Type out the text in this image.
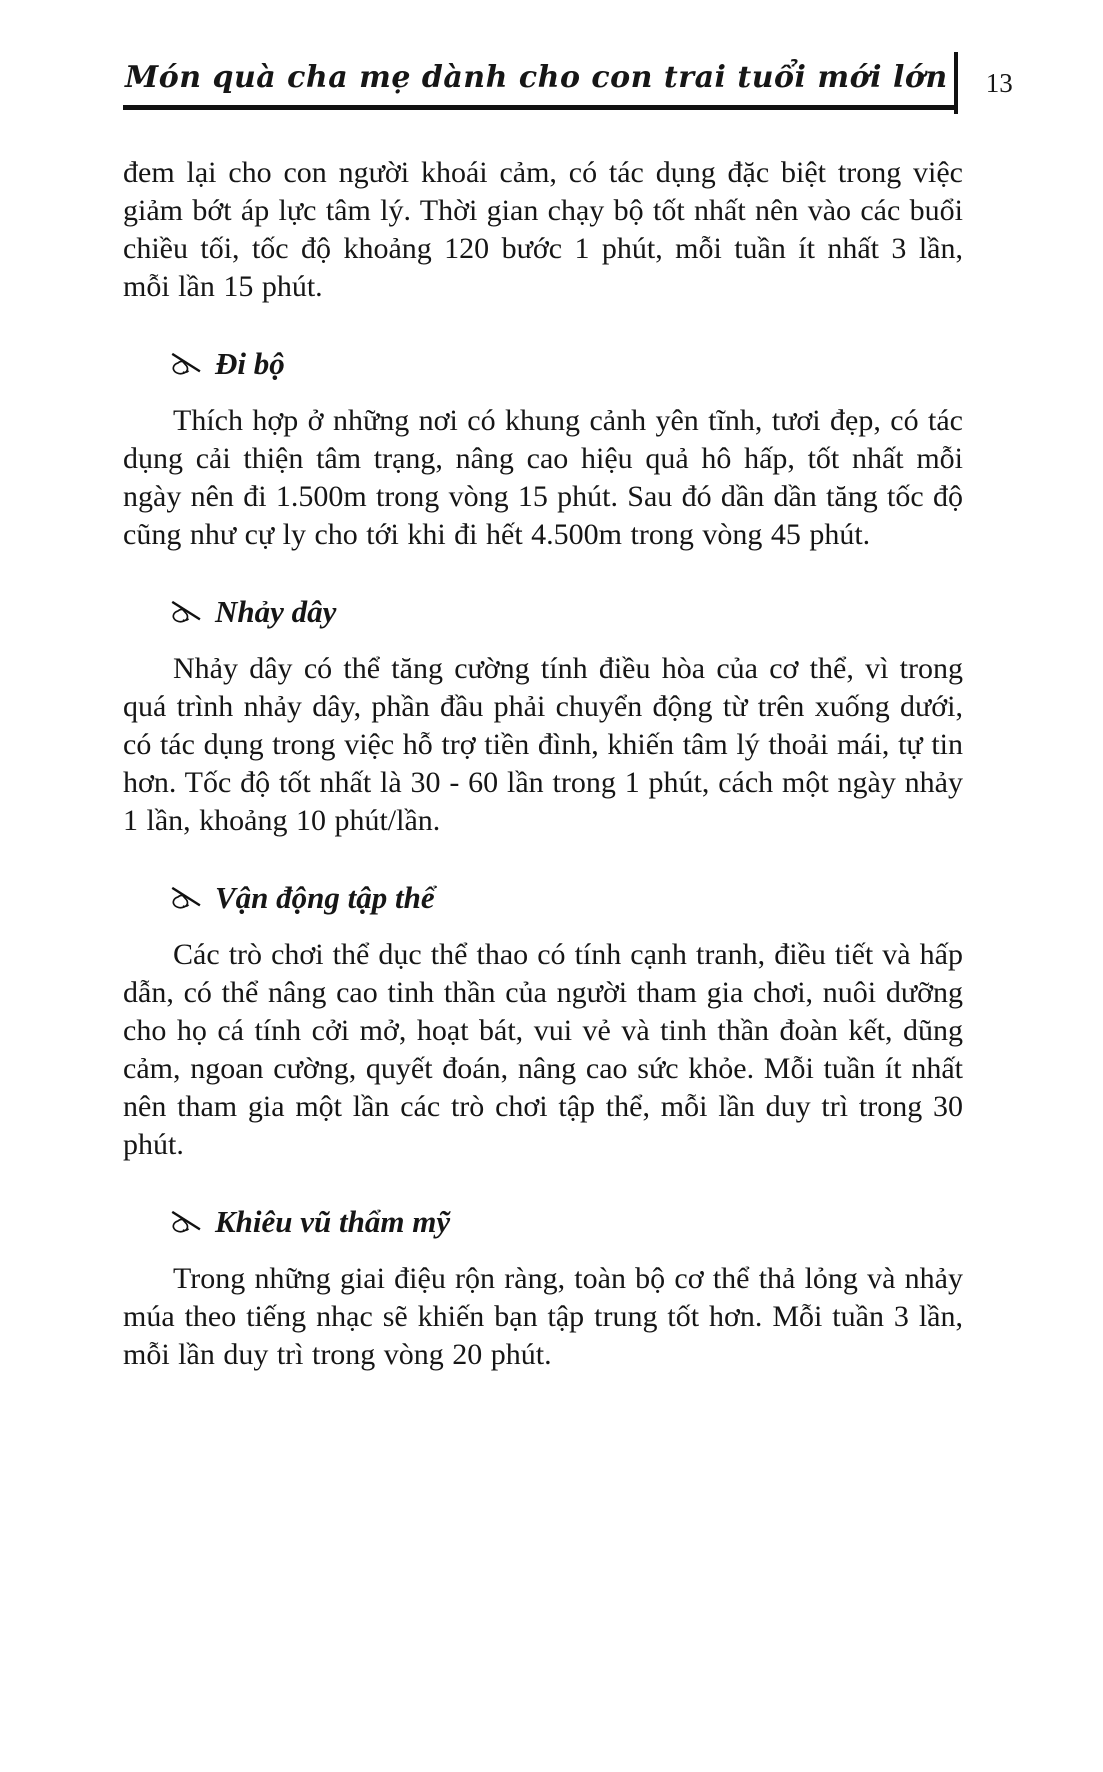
Món quà cha mẹ dành cho con trai tuổi mới lớn 13

đem lại cho con người khoái cảm, có tác dụng đặc biệt trong việc giảm bớt áp lực tâm lý. Thời gian chạy bộ tốt nhất nên vào các buổi chiều tối, tốc độ khoảng 120 bước 1 phút, mỗi tuần ít nhất 3 lần, mỗi lần 15 phút.

Đi bộ

Thích hợp ở những nơi có khung cảnh yên tĩnh, tươi đẹp, có tác dụng cải thiện tâm trạng, nâng cao hiệu quả hô hấp, tốt nhất mỗi ngày nên đi 1.500m trong vòng 15 phút. Sau đó dần dần tăng tốc độ cũng như cự ly cho tới khi đi hết 4.500m trong vòng 45 phút.

Nhảy dây

Nhảy dây có thể tăng cường tính điều hòa của cơ thể, vì trong quá trình nhảy dây, phần đầu phải chuyển động từ trên xuống dưới, có tác dụng trong việc hỗ trợ tiền đình, khiến tâm lý thoải mái, tự tin hơn. Tốc độ tốt nhất là 30 - 60 lần trong 1 phút, cách một ngày nhảy 1 lần, khoảng 10 phút/lần.

Vận động tập thể

Các trò chơi thể dục thể thao có tính cạnh tranh, điều tiết và hấp dẫn, có thể nâng cao tinh thần của người tham gia chơi, nuôi dưỡng cho họ cá tính cởi mở, hoạt bát, vui vẻ và tinh thần đoàn kết, dũng cảm, ngoan cường, quyết đoán, nâng cao sức khỏe. Mỗi tuần ít nhất nên tham gia một lần các trò chơi tập thể, mỗi lần duy trì trong 30 phút.

Khiêu vũ thẩm mỹ

Trong những giai điệu rộn ràng, toàn bộ cơ thể thả lỏng và nhảy múa theo tiếng nhạc sẽ khiến bạn tập trung tốt hơn. Mỗi tuần 3 lần, mỗi lần duy trì trong vòng 20 phút.
